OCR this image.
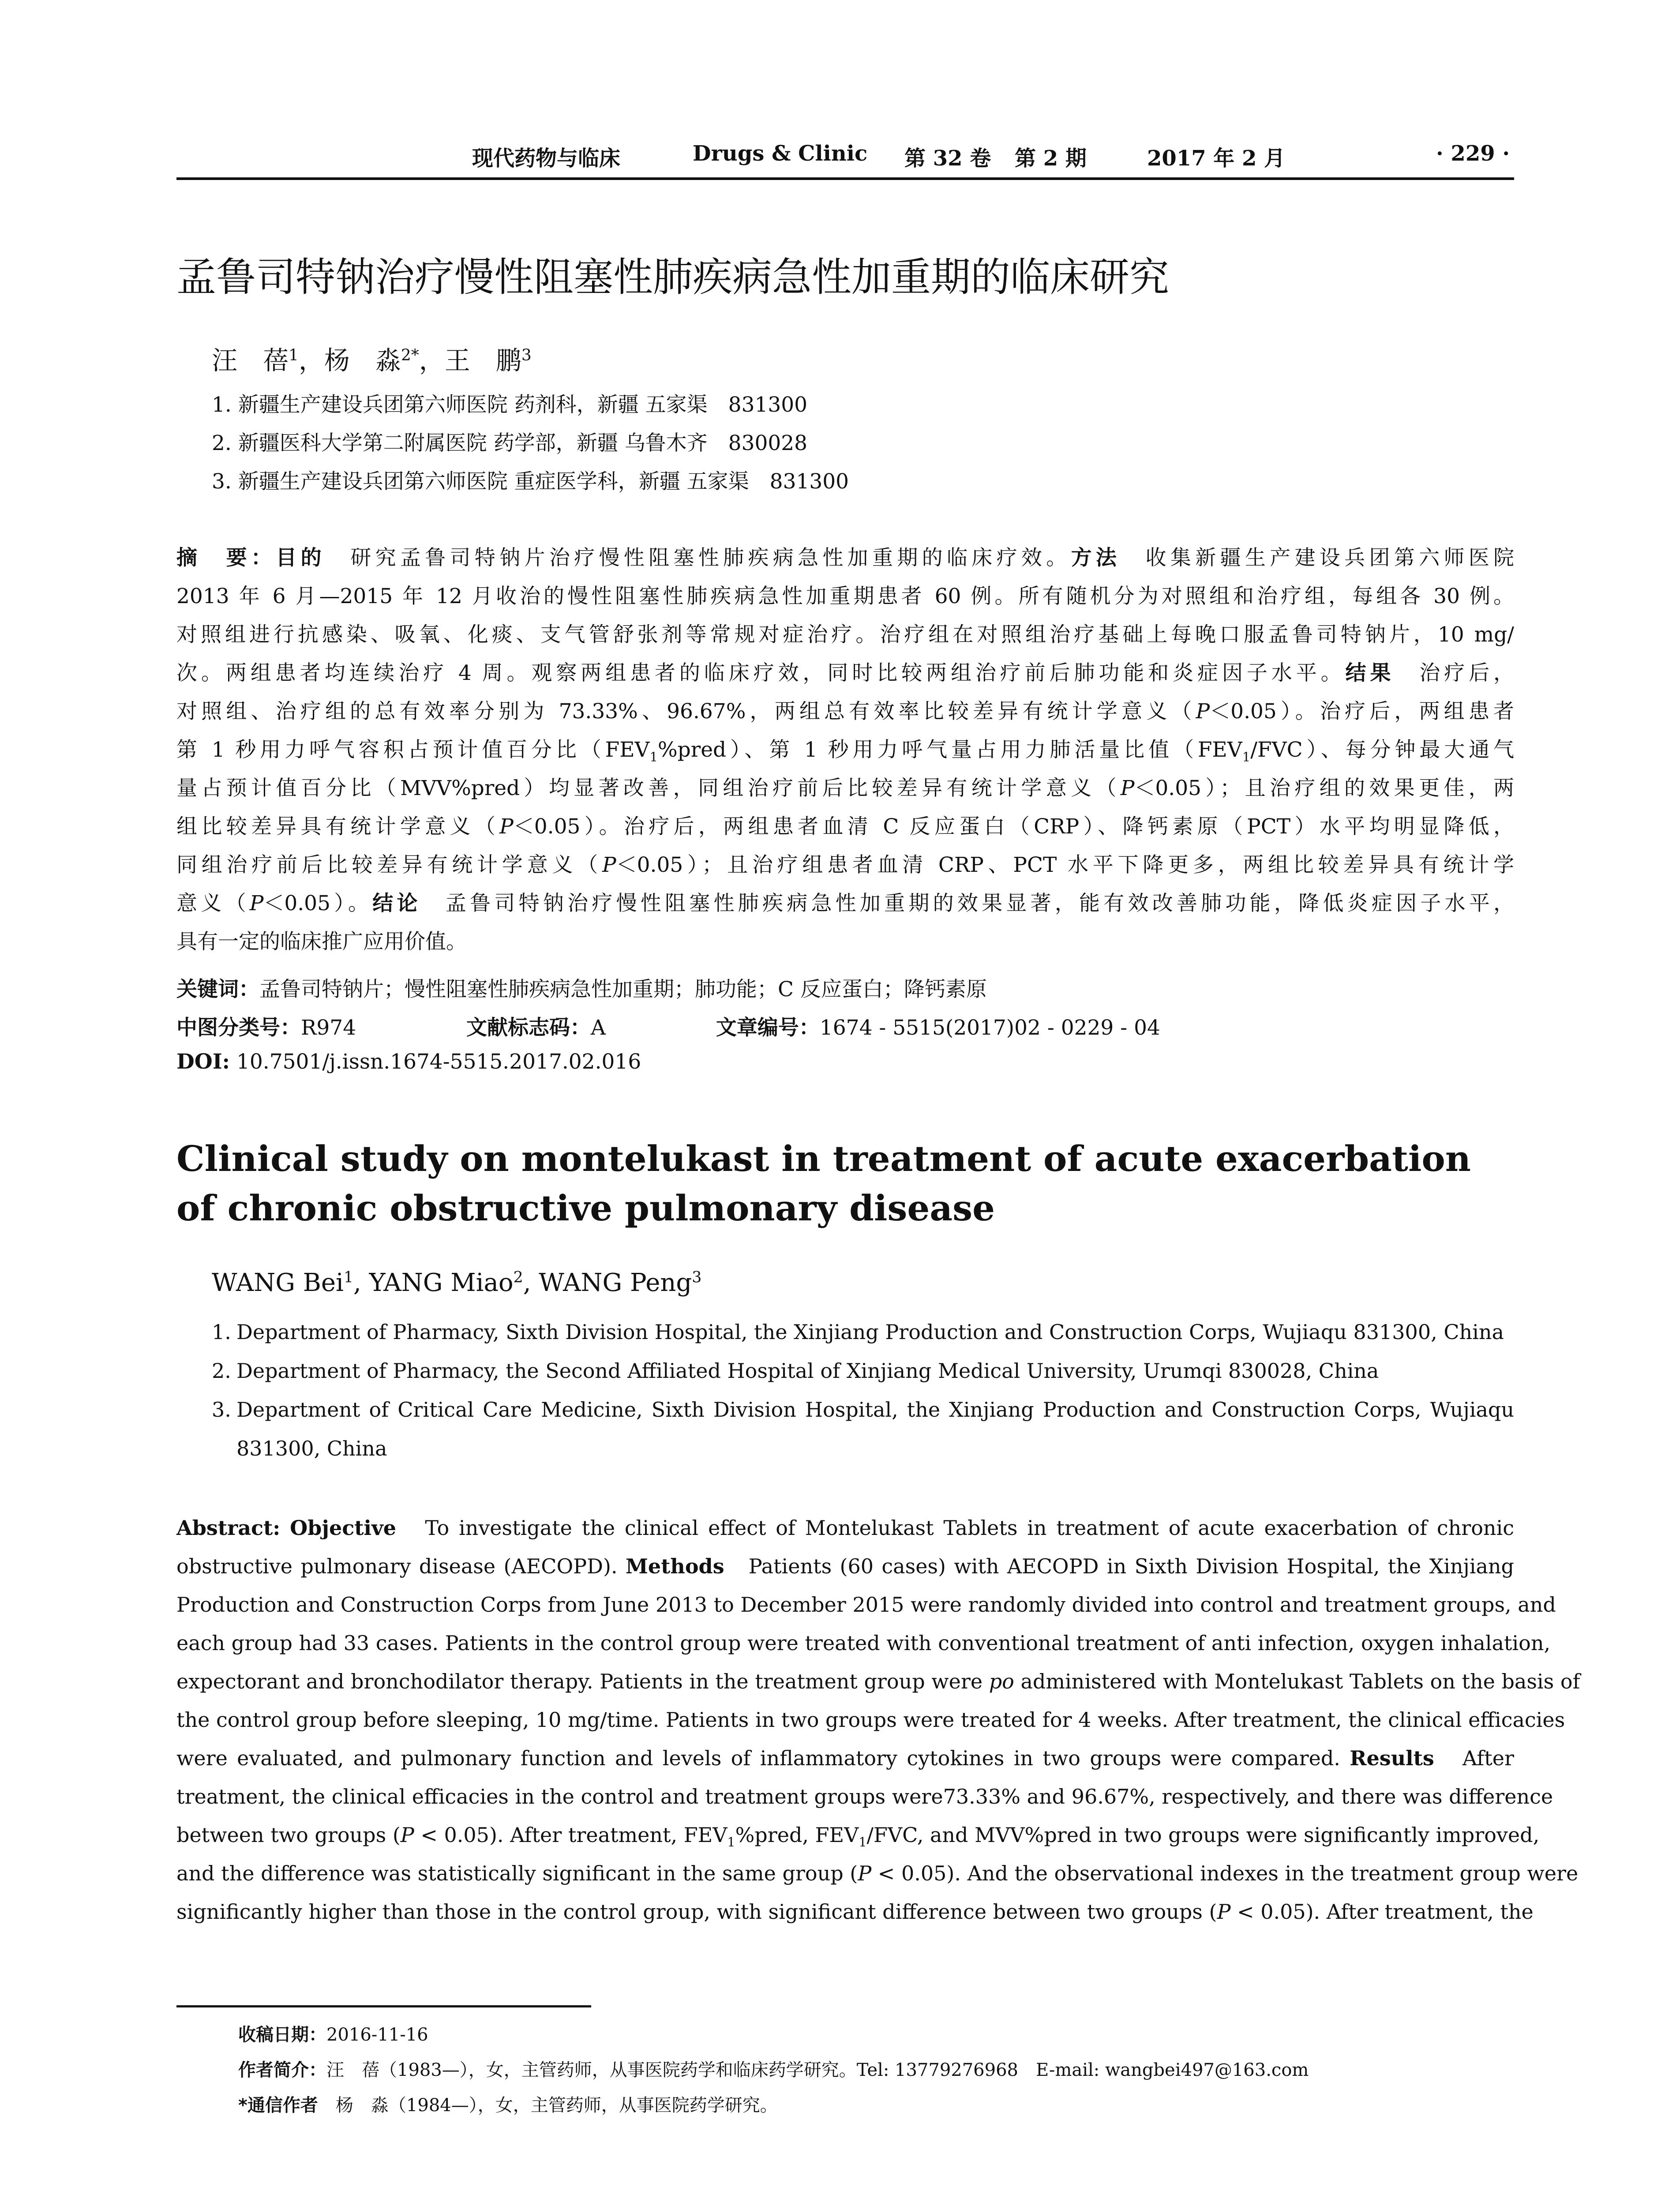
现代药物与临床	Drugs & Clinic 第 32 卷 第 2 期	2017 年 2 月	· 229 ·
孟鲁司特钠治疗慢性阻塞性肺疾病急性加重期的临床研究
汪　蓓$^1$，杨　淼$^{2*}$，王　鹏$^3$
1. 新疆生产建设兵团第六师医院 药剂科，新疆 五家渠　831300
2. 新疆医科大学第二附属医院 药学部，新疆 乌鲁木齐　830028
3. 新疆生产建设兵团第六师医院 重症医学科，新疆 五家渠　831300
摘　要：目的　研究孟鲁司特钠片治疗慢性阻塞性肺疾病急性加重期的临床疗效。方法　收集新疆生产建设兵团第六师医院
2013 年 6 月—2015 年 12 月收治的慢性阻塞性肺疾病急性加重期患者 60 例。所有随机分为对照组和治疗组，每组各 30 例。
对照组进行抗感染、吸氧、化痰、支气管舒张剂等常规对症治疗。治疗组在对照组治疗基础上每晚口服孟鲁司特钠片，10 mg/
次。两组患者均连续治疗 4 周。观察两组患者的临床疗效，同时比较两组治疗前后肺功能和炎症因子水平。结果　治疗后，
对照组、治疗组的总有效率分别为 73.33%、96.67%，两组总有效率比较差异有统计学意义（P＜0.05）。治疗后，两组患者
第 1 秒用力呼气容积占预计值百分比$(FEV_1\%pred)$、第 1 秒用力呼气量占用力肺活量比值$(FEV_1/FVC)$、每分钟最大通气
量占预计值百分比（MVV%pred）均显著改善，同组治疗前后比较差异有统计学意义（P＜0.05）；且治疗组的效果更佳，两
组比较差异具有统计学意义（P＜0.05）。治疗后，两组患者血清 C 反应蛋白（CRP）、降钙素原（PCT）水平均明显降低，
同组治疗前后比较差异有统计学意义（P＜0.05）；且治疗组患者血清 CRP、PCT 水平下降更多，两组比较差异具有统计学
意义（P＜0.05）。结论　孟鲁司特钠治疗慢性阻塞性肺疾病急性加重期的效果显著，能有效改善肺功能，降低炎症因子水平，
具有一定的临床推广应用价值。
关键词：孟鲁司特钠片；慢性阻塞性肺疾病急性加重期；肺功能；C 反应蛋白；降钙素原
中图分类号：R974	文献标志码：A	文章编号：1674 - 5515(2017)02 - 0229 - 04
DOI: 10.7501/j.issn.1674-5515.2017.02.016
Clinical study on montelukast in treatment of acute exacerbation of chronic obstructive pulmonary disease
WANG Bei$^1$, YANG Miao$^2$, WANG Peng$^3$
1. Department of Pharmacy, Sixth Division Hospital, the Xinjiang Production and Construction Corps, Wujiaqu 831300, China
2. Department of Pharmacy, the Second Affiliated Hospital of Xinjiang Medical University, Urumqi 830028, China
3. Department of Critical Care Medicine, Sixth Division Hospital, the Xinjiang Production and Construction Corps, Wujiaqu
831300, China
Abstract: Objective To investigate the clinical effect of Montelukast Tablets in treatment of acute exacerbation of chronic
obstructive pulmonary disease (AECOPD). Methods Patients (60 cases) with AECOPD in Sixth Division Hospital, the Xinjiang
Production and Construction Corps from June 2013 to December 2015 were randomly divided into control and treatment groups, and
each group had 33 cases. Patients in the control group were treated with conventional treatment of anti infection, oxygen inhalation,
expectorant and bronchodilator therapy. Patients in the treatment group were po administered with Montelukast Tablets on the basis of
the control group before sleeping, 10 mg/time. Patients in two groups were treated for 4 weeks. After treatment, the clinical efficacies
were evaluated, and pulmonary function and levels of inflammatory cytokines in two groups were compared. Results After
treatment, the clinical efficacies in the control and treatment groups were73.33% and 96.67%, respectively, and there was difference
between two groups (P < 0.05). After treatment, $FEV_1\%pred$, $FEV_1$/FVC, and MVV%pred in two groups were significantly improved,
and the difference was statistically significant in the same group (P < 0.05). And the observational indexes in the treatment group were
significantly higher than those in the control group, with significant difference between two groups (P < 0.05). After treatment, the
收稿日期：2016-11-16
作者简介：汪　蓓（1983—），女，主管药师，从事医院药学和临床药学研究。Tel: 13779276968　E-mail: wangbei497@163.com
*通信作者　杨　淼（1984—），女，主管药师，从事医院药学研究。
